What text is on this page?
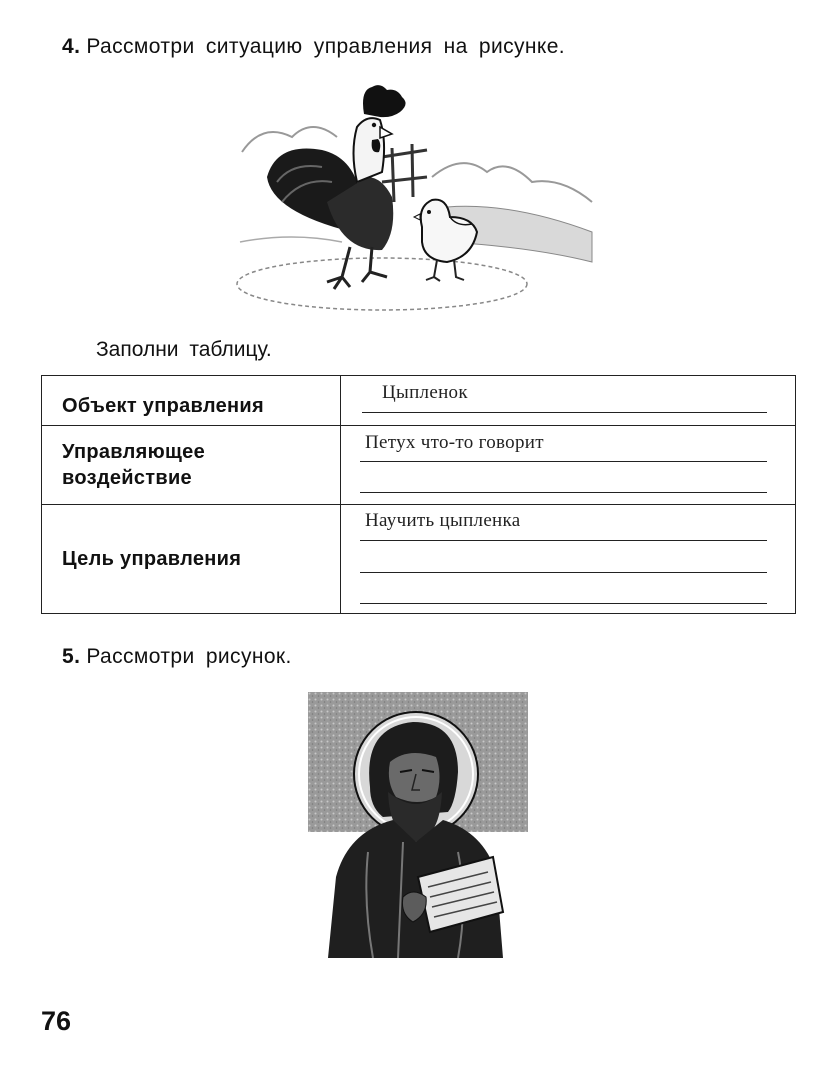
4. Рассмотри ситуацию управления на рисунке.
Заполни таблицу.
Объект управления
Цыпленок
Управляющее
воздействие
Петух что-то говорит
Цель управления
Научить цыпленка
5. Рассмотри рисунок.
76
